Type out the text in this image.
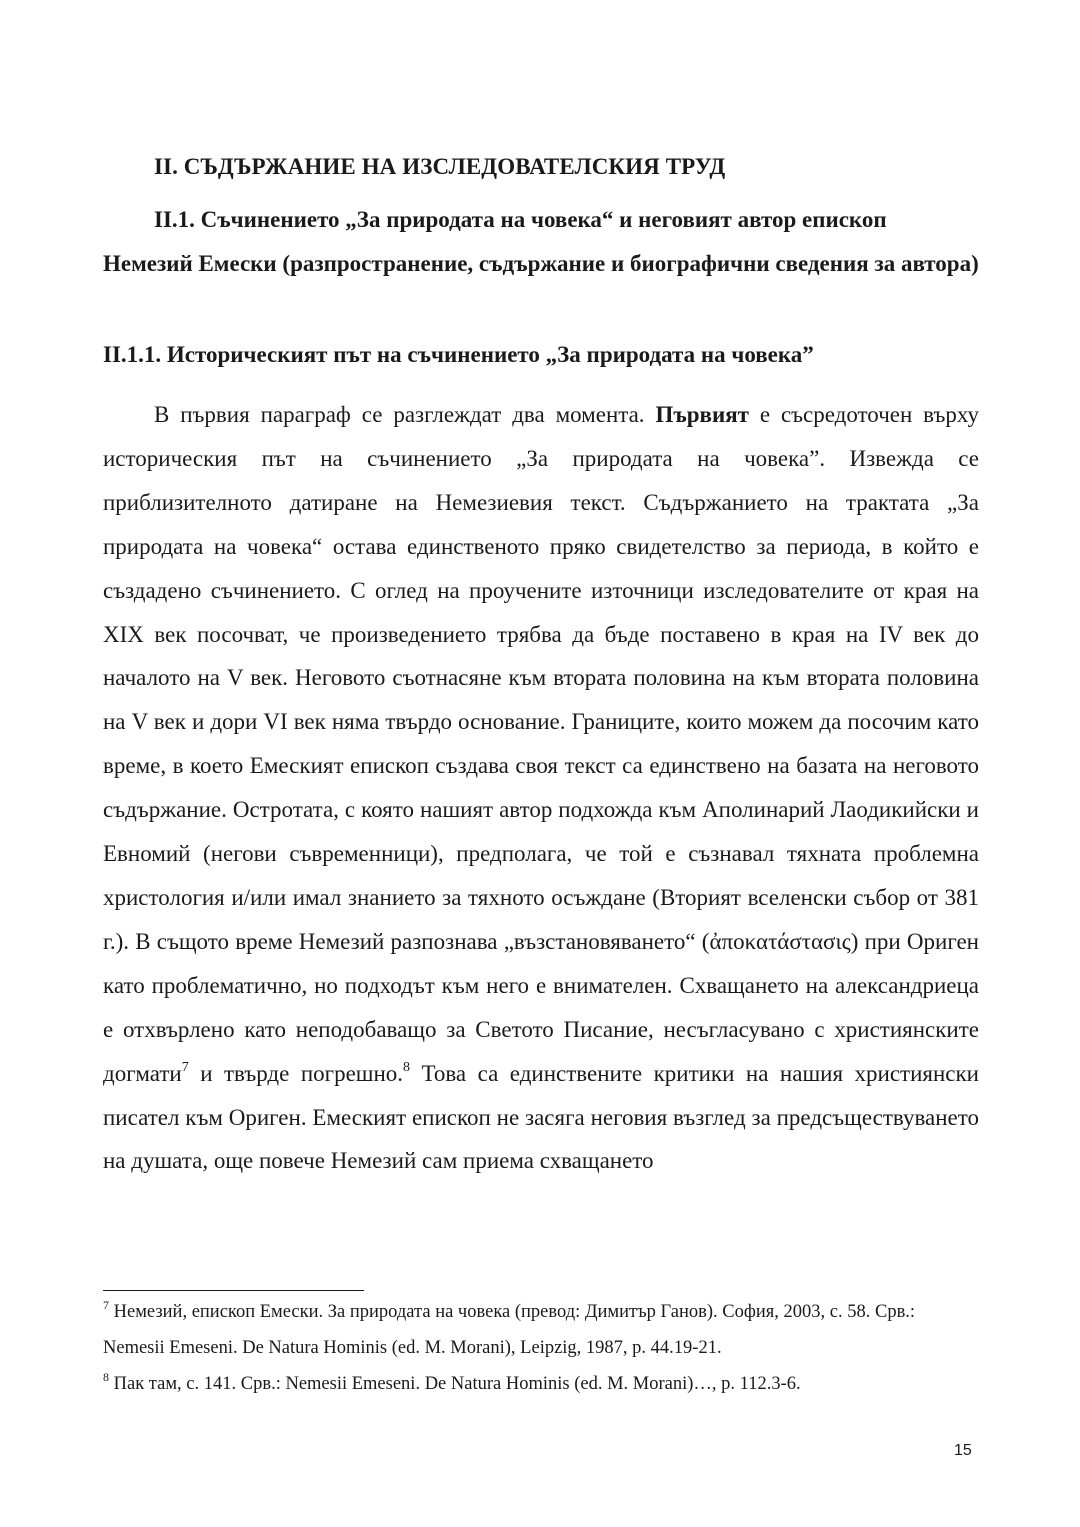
II. СЪДЪРЖАНИЕ НА ИЗСЛЕДОВАТЕЛСКИЯ ТРУД

II.1. Съчинението „За природата на човека“ и неговият автор епископ Немезий Емески (разпространение, съдържание и биографични сведения за автора)

II.1.1. Историческият път на съчинението „За природата на човека”

В първия параграф се разглеждат два момента. Първият е съсредоточен върху историческия път на съчинението „За природата на човека”. Извежда се приблизителното датиране на Немезиевия текст. Съдържанието на трактата „За природата на човека“ остава единственото пряко свидетелство за периода, в който е създадено съчинението. С оглед на проучените източници изследователите от края на XIX век посочват, че произведението трябва да бъде поставено в края на IV век до началото на V век. Неговото съотнасяне към втората половина на към втората половина на V век и дори VI век няма твърдо основание. Границите, които можем да посочим като време, в което Емеският епископ създава своя текст са единствено на базата на неговото съдържание. Остротата, с която нашият автор подхожда към Аполинарий Лаодикийски и Евномий (негови съвременници), предполага, че той е съзнавал тяхната проблемна христология и/или имал знанието за тяхното осъждане (Вторият вселенски събор от 381 г.). В същото време Немезий разпознава „възстановяването“ (ἀποκατάστασις) при Ориген като проблематично, но подходът към него е внимателен. Схващането на александриеца е отхвърлено като неподобаващо за Светото Писание, несъгласувано с християнските догмати$^7$ и твърде погрешно.$^8$ Това са единствените критики на нашия християнски писател към Ориген. Емеският епископ не засяга неговия възглед за предсъществуването на душата, още повече Немезий сам приема схващането

$^7$ Немезий, епископ Емески. За природата на човека (превод: Димитър Ганов). София, 2003, с. 58. Срв.: Nemesii Emeseni. De Natura Hominis (ed. M. Morani), Leipzig, 1987, p. 44.19-21.

$^8$ Пак там, с. 141. Срв.: Nemesii Emeseni. De Natura Hominis (ed. M. Morani)…, p. 112.3-6.

15
